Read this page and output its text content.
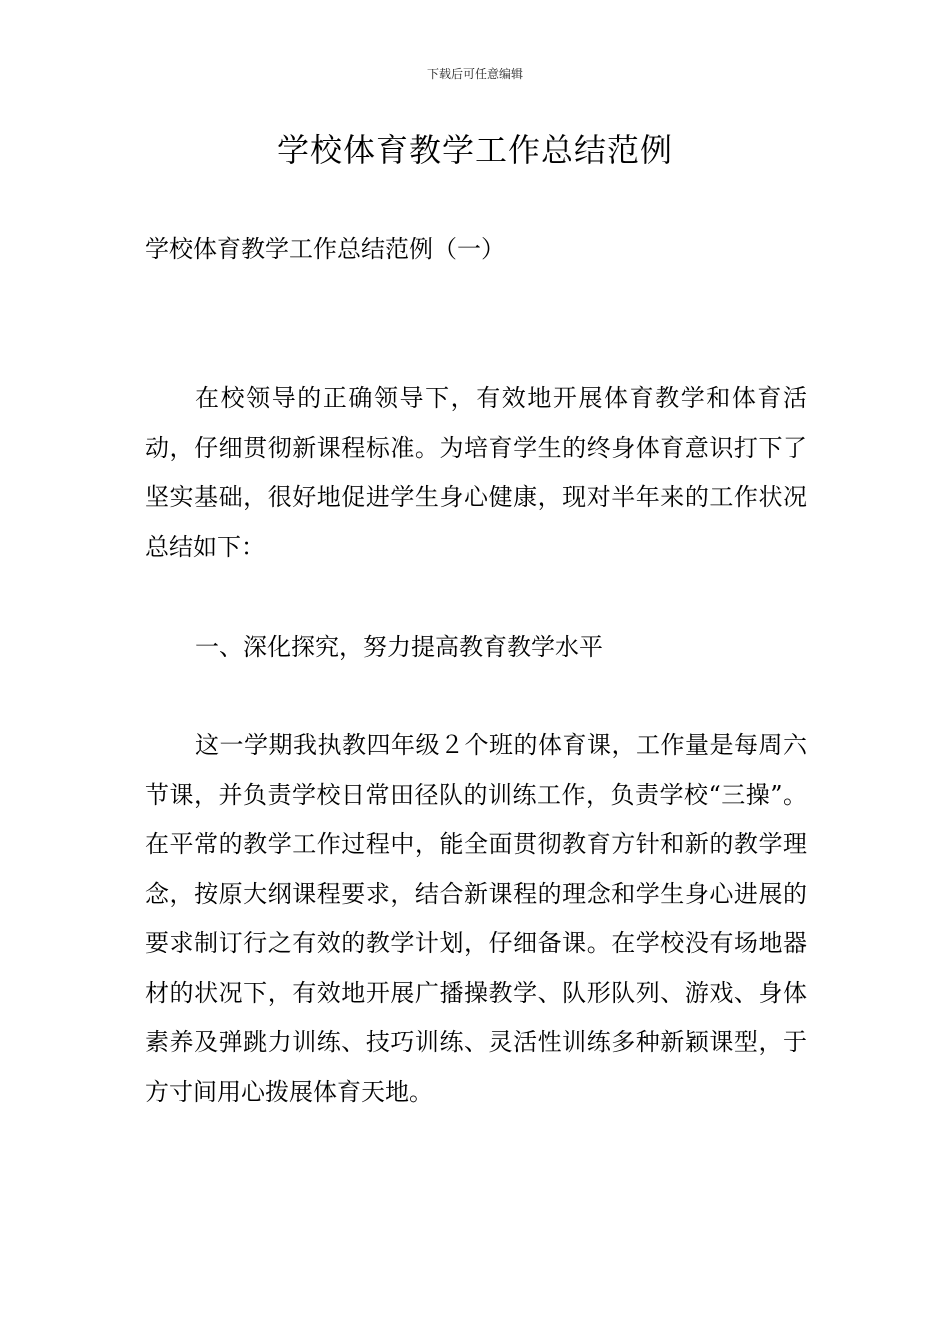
下载后可任意编辑
学校体育教学工作总结范例

学校体育教学工作总结范例（一）

在校领导的正确领导下，有效地开展体育教学和体育活动，仔细贯彻新课程标准。为培育学生的终身体育意识打下了坚实基础，很好地促进学生身心健康，现对半年来的工作状况总结如下：

一、深化探究，努力提高教育教学水平

这一学期我执教四年级２个班的体育课，工作量是每周六节课，并负责学校日常田径队的训练工作，负责学校“三操”。在平常的教学工作过程中，能全面贯彻教育方针和新的教学理念，按原大纲课程要求，结合新课程的理念和学生身心进展的要求制订行之有效的教学计划，仔细备课。在学校没有场地器材的状况下，有效地开展广播操教学、队形队列、游戏、身体素养及弹跳力训练、技巧训练、灵活性训练多种新颖课型，于方寸间用心拨展体育天地。
